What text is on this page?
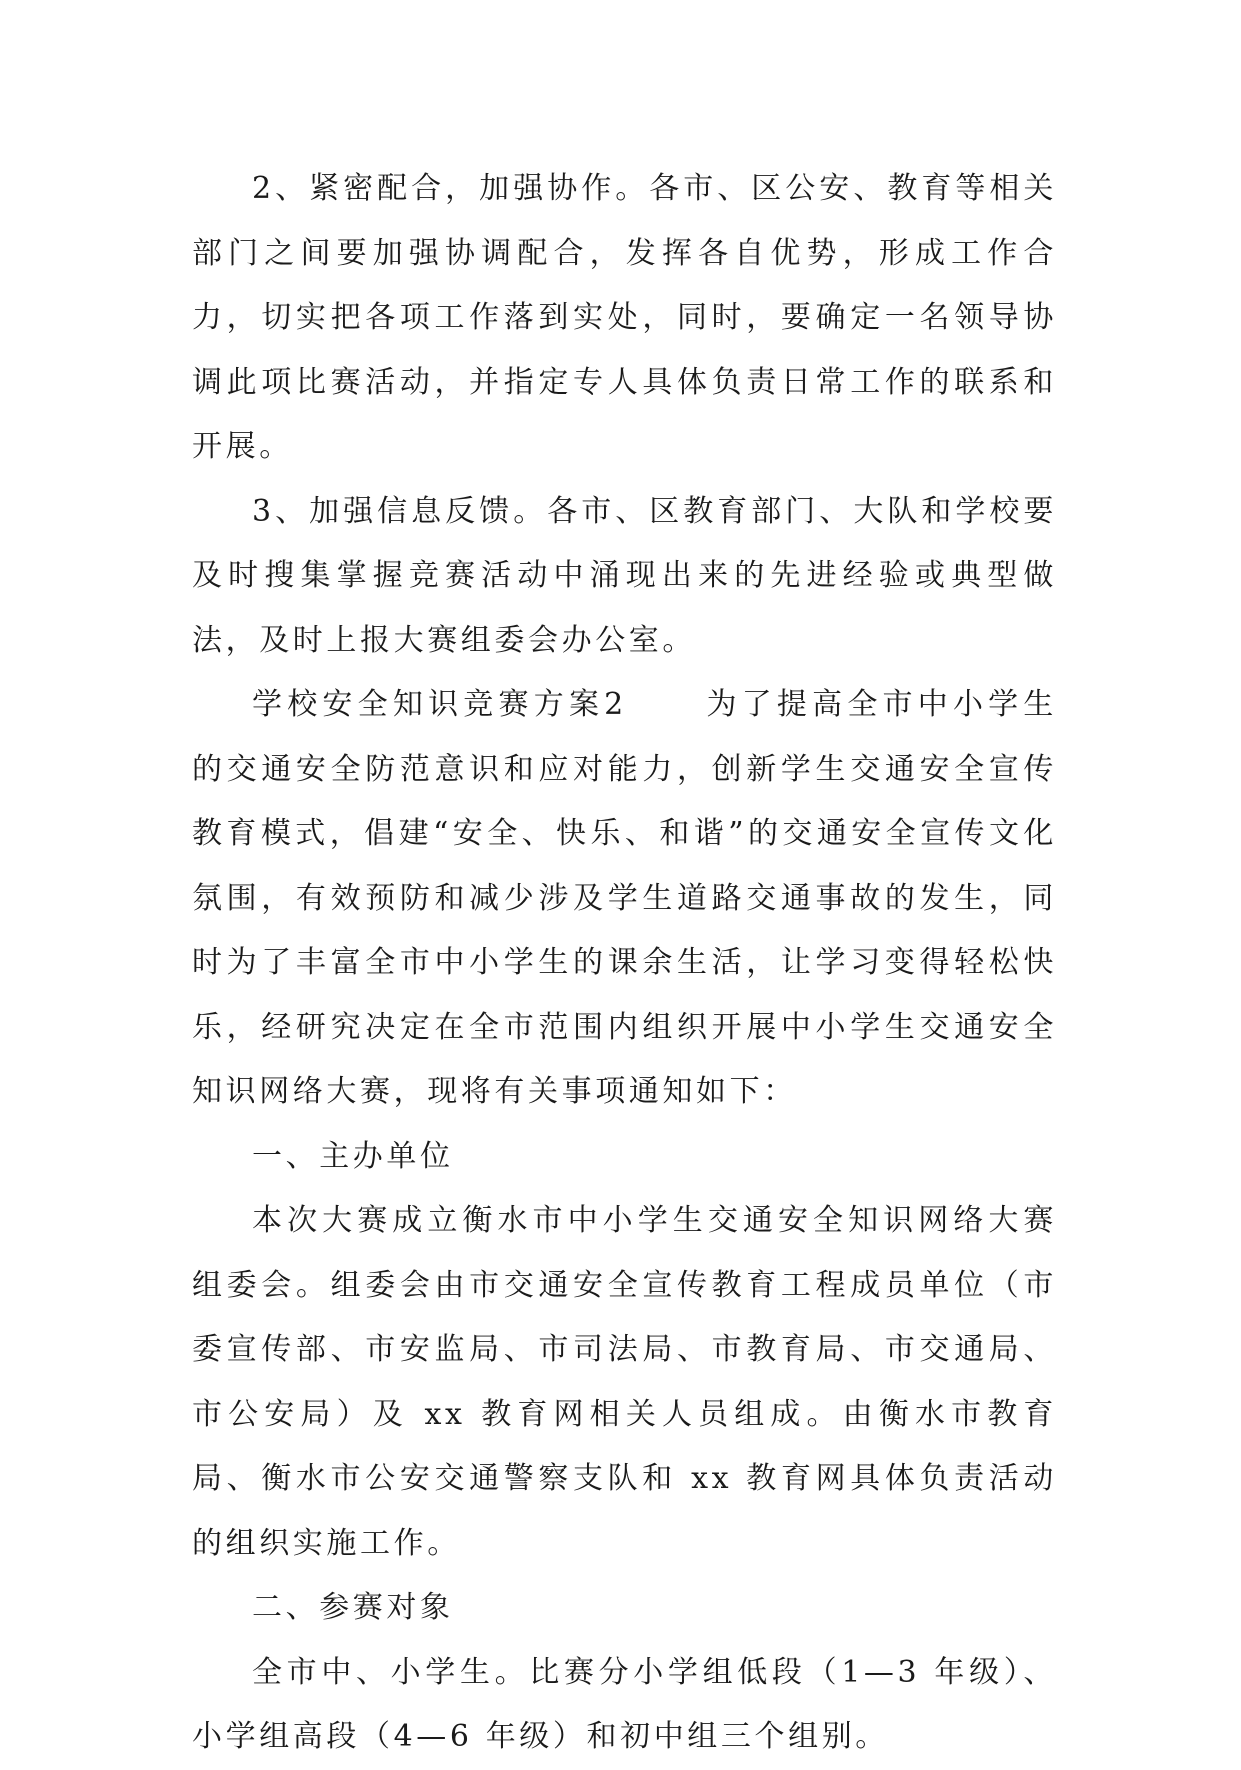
2、紧密配合，加强协作。各市、区公安、教育等相关部门之间要加强协调配合，发挥各自优势，形成工作合力，切实把各项工作落到实处，同时，要确定一名领导协调此项比赛活动，并指定专人具体负责日常工作的联系和开展。

3、加强信息反馈。各市、区教育部门、大队和学校要及时搜集掌握竞赛活动中涌现出来的先进经验或典型做法，及时上报大赛组委会办公室。

学校安全知识竞赛方案2	为了提高全市中小学生的交通安全防范意识和应对能力，创新学生交通安全宣传教育模式，倡建“安全、快乐、和谐”的交通安全宣传文化氛围，有效预防和减少涉及学生道路交通事故的发生，同时为了丰富全市中小学生的课余生活，让学习变得轻松快乐，经研究决定在全市范围内组织开展中小学生交通安全知识网络大赛，现将有关事项通知如下：

一、主办单位

本次大赛成立衡水市中小学生交通安全知识网络大赛组委会。组委会由市交通安全宣传教育工程成员单位（市委宣传部、市安监局、市司法局、市教育局、市交通局、市公安局）及 xx 教育网相关人员组成。由衡水市教育局、衡水市公安交通警察支队和 xx 教育网具体负责活动的组织实施工作。

二、参赛对象

全市中、小学生。比赛分小学组低段（1—3 年级）、小学组高段（4—6 年级）和初中组三个组别。
